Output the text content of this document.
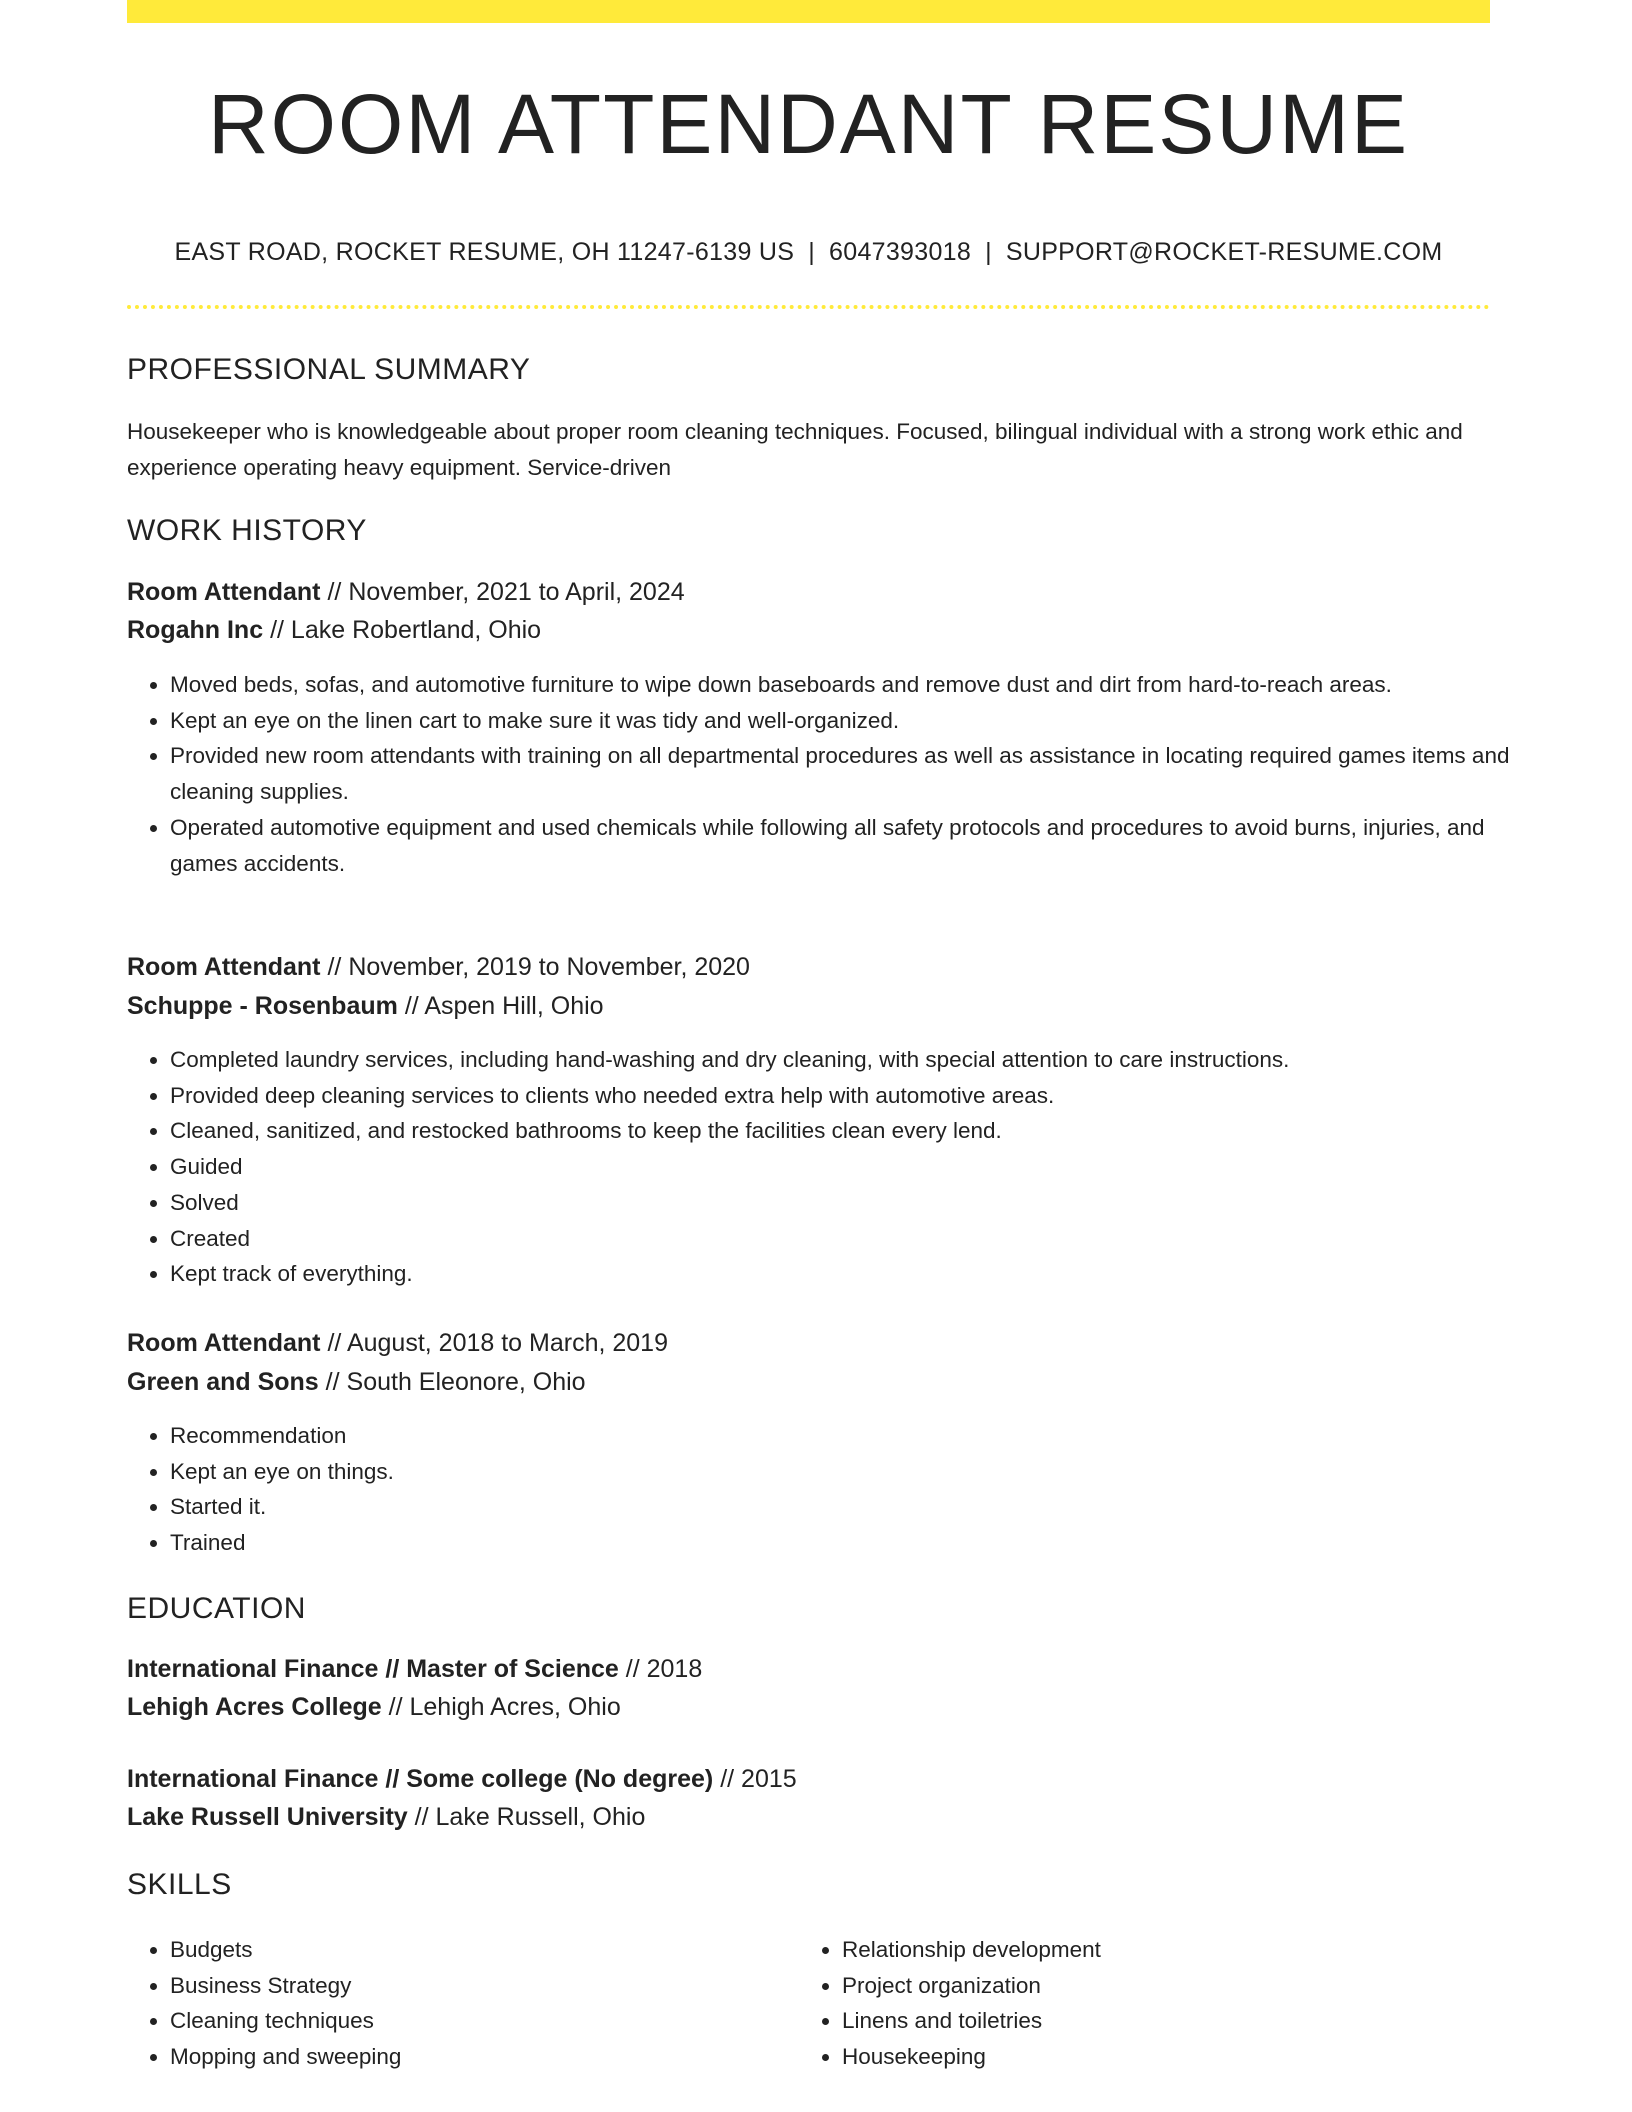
ROOM ATTENDANT RESUME
EAST ROAD, ROCKET RESUME, OH 11247-6139 US | 6047393018 | SUPPORT@ROCKET-RESUME.COM
PROFESSIONAL SUMMARY

Housekeeper who is knowledgeable about proper room cleaning techniques. Focused, bilingual individual with a strong work ethic and experience operating heavy equipment. Service-driven

WORK HISTORY
Room Attendant // November, 2021 to April, 2024
Rogahn Inc // Lake Robertland, Ohio
• Moved beds, sofas, and automotive furniture to wipe down baseboards and remove dust and dirt from hard-to-reach areas.
• Kept an eye on the linen cart to make sure it was tidy and well-organized.
• Provided new room attendants with training on all departmental procedures as well as assistance in locating required games items and cleaning supplies.
• Operated automotive equipment and used chemicals while following all safety protocols and procedures to avoid burns, injuries, and games accidents.
Room Attendant // November, 2019 to November, 2020
Schuppe - Rosenbaum // Aspen Hill, Ohio
• Completed laundry services, including hand-washing and dry cleaning, with special attention to care instructions.
• Provided deep cleaning services to clients who needed extra help with automotive areas.
• Cleaned, sanitized, and restocked bathrooms to keep the facilities clean every lend.
• Guided
• Solved
• Created
• Kept track of everything.
Room Attendant // August, 2018 to March, 2019
Green and Sons // South Eleonore, Ohio
• Recommendation
• Kept an eye on things.
• Started it.
• Trained
EDUCATION
International Finance // Master of Science // 2018
Lehigh Acres College // Lehigh Acres, Ohio
International Finance // Some college (No degree) // 2015
Lake Russell University // Lake Russell, Ohio
SKILLS
• Budgets
• Business Strategy
• Cleaning techniques
• Mopping and sweeping
• Relationship development
• Project organization
• Linens and toiletries
• Housekeeping
